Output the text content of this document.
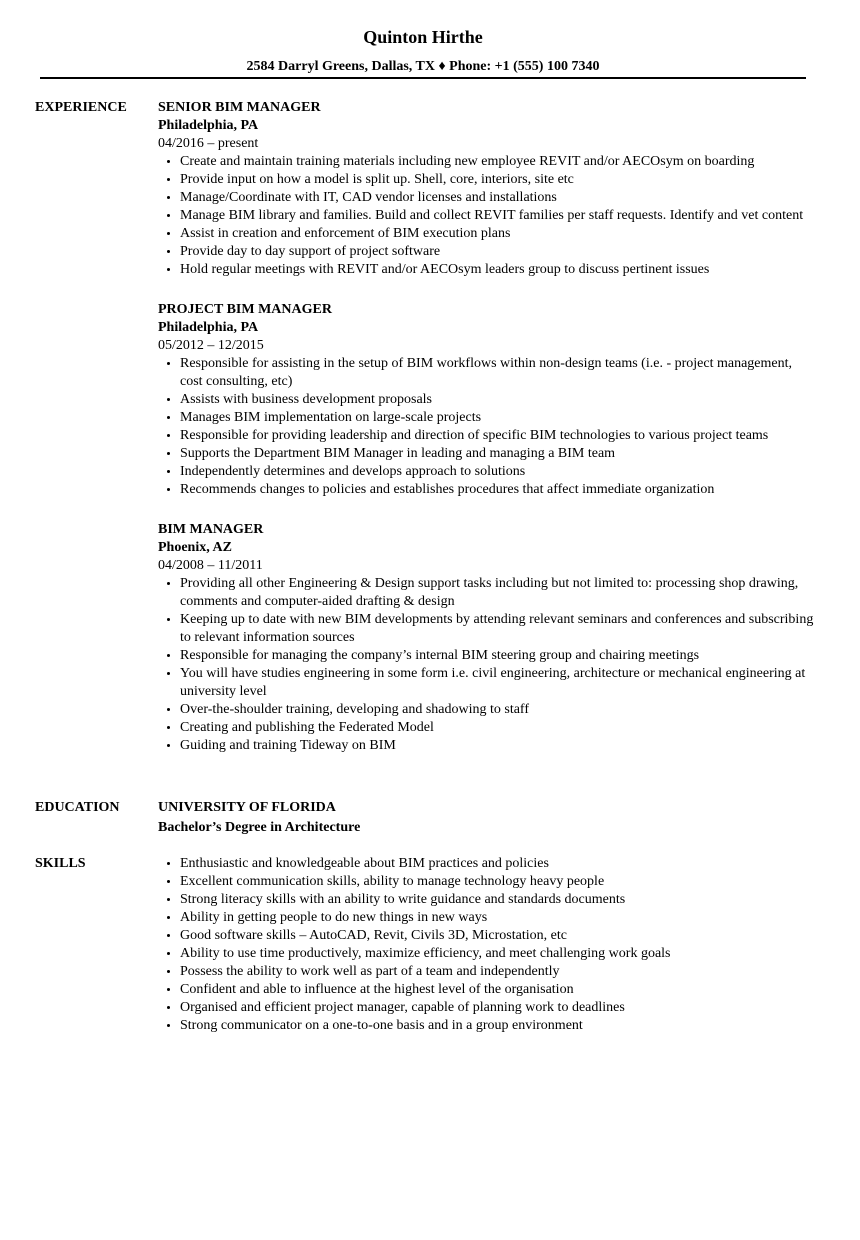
Quinton Hirthe
2584 Darryl Greens, Dallas, TX ♦ Phone: +1 (555) 100 7340
EXPERIENCE	SENIOR BIM MANAGER
Philadelphia, PA
04/2016 – present
• Create and maintain training materials including new employee REVIT and/or AECOsym on boarding
• Provide input on how a model is split up. Shell, core, interiors, site etc
• Manage/Coordinate with IT, CAD vendor licenses and installations
• Manage BIM library and families. Build and collect REVIT families per staff requests. Identify and vet content
• Assist in creation and enforcement of BIM execution plans
• Provide day to day support of project software
• Hold regular meetings with REVIT and/or AECOsym leaders group to discuss pertinent issues
PROJECT BIM MANAGER
Philadelphia, PA
05/2012 – 12/2015
• Responsible for assisting in the setup of BIM workflows within non-design teams (i.e. - project management, cost consulting, etc)
• Assists with business development proposals
• Manages BIM implementation on large-scale projects
• Responsible for providing leadership and direction of specific BIM technologies to various project teams
• Supports the Department BIM Manager in leading and managing a BIM team
• Independently determines and develops approach to solutions
• Recommends changes to policies and establishes procedures that affect immediate organization
BIM MANAGER
Phoenix, AZ
04/2008 – 11/2011
• Providing all other Engineering & Design support tasks including but not limited to: processing shop drawing, comments and computer-aided drafting & design
• Keeping up to date with new BIM developments by attending relevant seminars and conferences and subscribing to relevant information sources
• Responsible for managing the company’s internal BIM steering group and chairing meetings
• You will have studies engineering in some form i.e. civil engineering, architecture or mechanical engineering at university level
• Over-the-shoulder training, developing and shadowing to staff
• Creating and publishing the Federated Model
• Guiding and training Tideway on BIM
EDUCATION	UNIVERSITY OF FLORIDA
Bachelor’s Degree in Architecture
SKILLS
•	Enthusiastic and knowledgeable about BIM practices and policies
• Excellent communication skills, ability to manage technology heavy people
• Strong literacy skills with an ability to write guidance and standards documents
• Ability in getting people to do new things in new ways
• Good software skills – AutoCAD, Revit, Civils 3D, Microstation, etc
• Ability to use time productively, maximize efficiency, and meet challenging work goals
• Possess the ability to work well as part of a team and independently
• Confident and able to influence at the highest level of the organisation
• Organised and efficient project manager, capable of planning work to deadlines
• Strong communicator on a one-to-one basis and in a group environment
